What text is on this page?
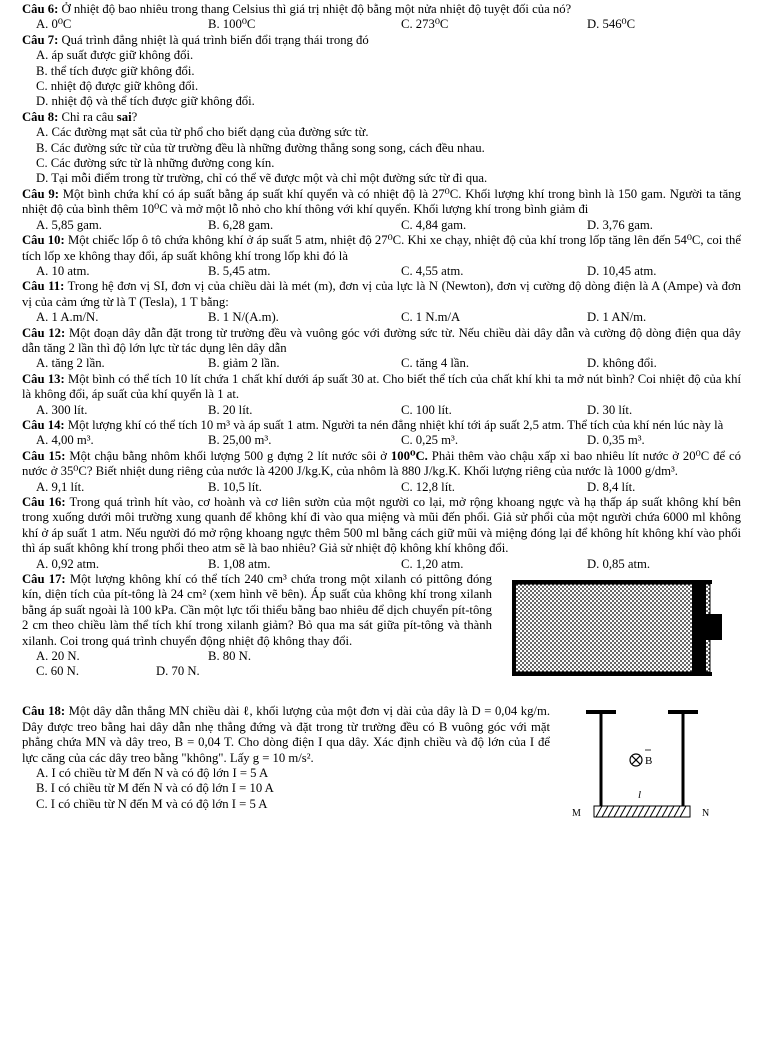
Câu 6: Ở nhiệt độ bao nhiêu trong thang Celsius thì giá trị nhiệt độ bằng một nửa nhiệt độ tuyệt đối của nó?

A. 0⁰C	B. 100⁰C	C. 273⁰C	D. 546⁰C

Câu 7: Quá trình đẳng nhiệt là quá trình biến đổi trạng thái trong đó

A. áp suất được giữ không đổi.
B. thể tích được giữ không đổi.
C. nhiệt độ được giữ không đổi.
D. nhiệt độ và thể tích được giữ không đổi.

Câu 8: Chỉ ra câu sai?

A. Các đường mạt sắt của từ phổ cho biết dạng của đường sức từ.
B. Các đường sức từ của từ trường đều là những đường thẳng song song, cách đều nhau.
C. Các đường sức từ là những đường cong kín.
D. Tại mỗi điểm trong từ trường, chỉ có thể vẽ được một và chỉ một đường sức từ đi qua.

Câu 9: Một bình chứa khí có áp suất bằng áp suất khí quyển và có nhiệt độ là 27⁰C. Khối lượng khí trong bình là 150 gam. Người ta tăng nhiệt độ của bình thêm 10⁰C và mở một lỗ nhỏ cho khí thông với khí quyển. Khối lượng khí trong bình giảm đi

A. 5,85 gam.	B. 6,28 gam.	C. 4,84 gam.	D. 3,76 gam.

Câu 10: Một chiếc lốp ô tô chứa không khí ở áp suất 5 atm, nhiệt độ 27⁰C. Khi xe chạy, nhiệt độ của khí trong lốp tăng lên đến 54⁰C, coi thể tích lốp xe không thay đổi, áp suất không khí trong lốp khi đó là

A. 10 atm.	B. 5,45 atm.	C. 4,55 atm.	D. 10,45 atm.

Câu 11: Trong hệ đơn vị SI, đơn vị của chiều dài là mét (m), đơn vị của lực là N (Newton), đơn vị cường độ dòng điện là A (Ampe) và đơn vị của cảm ứng từ là T (Tesla), 1 T bằng:

A. 1 A.m/N.	B. 1 N/(A.m).	C. 1 N.m/A	D. 1 AN/m.

Câu 12: Một đoạn dây dẫn đặt trong từ trường đều và vuông góc với đường sức từ. Nếu chiều dài dây dẫn và cường độ dòng điện qua dây dẫn tăng 2 lần thì độ lớn lực từ tác dụng lên dây dẫn

A. tăng 2 lần.	B. giảm 2 lần.	C. tăng 4 lần.	D. không đổi.

Câu 13: Một bình có thể tích 10 lít chứa 1 chất khí dưới áp suất 30 at. Cho biết thể tích của chất khí khi ta mở nút bình? Coi nhiệt độ của khí là không đổi, áp suất của khí quyển là 1 at.

A. 300 lít.	B. 20 lít.	C. 100 lít.	D. 30 lít.

Câu 14: Một lượng khí có thể tích 10 m³ và áp suất 1 atm. Người ta nén đẳng nhiệt khí tới áp suất 2,5 atm. Thể tích của khí nén lúc này là

A. 4,00 m³.	B. 25,00 m³.	C. 0,25 m³.	D. 0,35 m³.

Câu 15: Một chậu bằng nhôm khối lượng 500 g đựng 2 lít nước sôi ở 100⁰C. Phải thêm vào chậu xấp xỉ bao nhiêu lít nước ở 20⁰C để có nước ở 35⁰C? Biết nhiệt dung riêng của nước là 4200 J/kg.K, của nhôm là 880 J/kg.K. Khối lượng riêng của nước là 1000 g/dm³.

A. 9,1 lít.	B. 10,5 lít.	C. 12,8 lít.	D. 8,4 lít.

Câu 16: Trong quá trình hít vào, cơ hoành và cơ liên sườn của một người co lại, mở rộng khoang ngực và hạ thấp áp suất không khí bên trong xuống dưới môi trường xung quanh để không khí đi vào qua miệng và mũi đến phổi. Giả sử phổi của một người chứa 6000 ml không khí ở áp suất 1 atm. Nếu người đó mở rộng khoang ngực thêm 500 ml bằng cách giữ mũi và miệng đóng lại để không hít không khí vào phổi thì áp suất không khí trong phổi theo atm sẽ là bao nhiêu? Giả sử nhiệt độ không khí không đổi.

A. 0,92 atm.	B. 1,08 atm.	C. 1,20 atm.	D. 0,85 atm.

Câu 17: Một lượng không khí có thể tích 240 cm³ chứa trong một xilanh có pittông đóng kín, diện tích của pít-tông là 24 cm² (xem hình vẽ bên). Áp suất của không khí trong xilanh bằng áp suất ngoài là 100 kPa. Cần một lực tối thiểu bằng bao nhiêu để dịch chuyển pít-tông 2 cm theo chiều làm thể tích khí trong xilanh giảm? Bỏ qua ma sát giữa pít-tông và thành xilanh. Coi trong quá trình chuyển động nhiệt độ không thay đổi.

A. 20 N.	B. 80 N.
C. 60 N.	D. 70 N.

Câu 18: Một dây dẫn thẳng MN chiều dài ℓ, khối lượng của một đơn vị dài của dây là D = 0,04 kg/m. Dây được treo bằng hai dây dẫn nhẹ thẳng đứng và đặt trong từ trường đều có B vuông góc với mặt phẳng chứa MN và dây treo, B = 0,04 T. Cho dòng điện I qua dây. Xác định chiều và độ lớn của I để lực căng của các dây treo bằng "không". Lấy g = 10 m/s².

A. I có chiều từ M đến N và có độ lớn I = 5 A
B. I có chiều từ M đến N và có độ lớn I = 10 A
C. I có chiều từ N đến M và có độ lớn I = 5 A
B
l
M	N
